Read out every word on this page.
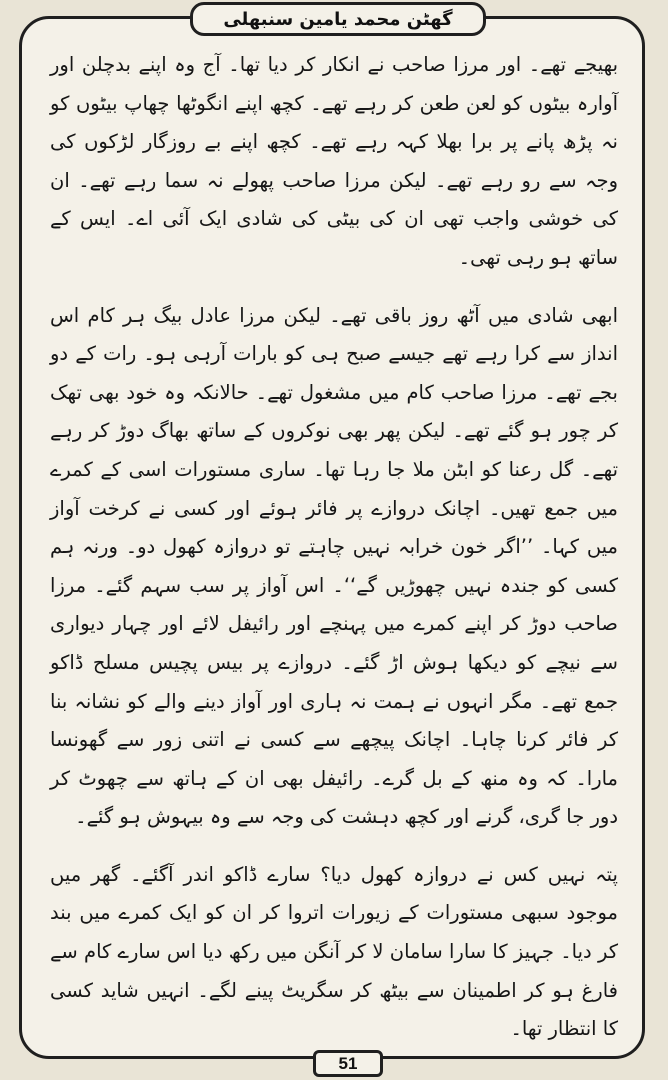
گھٹن محمد یامین سنبھلی

بھیجے تھے۔ اور مرزا صاحب نے انکار کر دیا تھا۔ آج وہ اپنے بدچلن اور آوارہ بیٹوں کو لعن طعن کر رہے تھے۔ کچھ اپنے انگوٹھا چھاپ بیٹوں کو نہ پڑھ پانے پر برا بھلا کہہ رہے تھے۔ کچھ اپنے بے روزگار لڑکوں کی وجہ سے رو رہے تھے۔ لیکن مرزا صاحب پھولے نہ سما رہے تھے۔ ان کی خوشی واجب تھی ان کی بیٹی کی شادی ایک آئی اے۔ ایس کے ساتھ ہو رہی تھی۔

ابھی شادی میں آٹھ روز باقی تھے۔ لیکن مرزا عادل بیگ ہر کام اس انداز سے کرا رہے تھے جیسے صبح ہی کو بارات آرہی ہو۔ رات کے دو بجے تھے۔ مرزا صاحب کام میں مشغول تھے۔ حالانکہ وہ خود بھی تھک کر چور ہو گئے تھے۔ لیکن پھر بھی نوکروں کے ساتھ بھاگ دوڑ کر رہے تھے۔ گل رعنا کو ابٹن ملا جا رہا تھا۔ ساری مستورات اسی کے کمرے میں جمع تھیں۔ اچانک دروازے پر فائر ہوئے اور کسی نے کرخت آواز میں کہا۔ ’’اگر خون خرابہ نہیں چاہتے تو دروازہ کھول دو۔ ورنہ ہم کسی کو جندہ نہیں چھوڑیں گے‘‘۔ اس آواز پر سب سہم گئے۔ مرزا صاحب دوڑ کر اپنے کمرے میں پہنچے اور رائیفل لائے اور چہار دیواری سے نیچے کو دیکھا ہوش اڑ گئے۔ دروازے پر بیس پچیس مسلح ڈاکو جمع تھے۔ مگر انہوں نے ہمت نہ ہاری اور آواز دینے والے کو نشانہ بنا کر فائر کرنا چاہا۔ اچانک پیچھے سے کسی نے اتنی زور سے گھونسا مارا۔ کہ وہ منھ کے بل گرے۔ رائیفل بھی ان کے ہاتھ سے چھوٹ کر دور جا گری، گرنے اور کچھ دہشت کی وجہ سے وہ بیہوش ہو گئے۔

پتہ نہیں کس نے دروازہ کھول دیا؟ سارے ڈاکو اندر آگئے۔ گھر میں موجود سبھی مستورات کے زیورات اتروا کر ان کو ایک کمرے میں بند کر دیا۔ جہیز کا سارا سامان لا کر آنگن میں رکھ دیا اس سارے کام سے فارغ ہو کر اطمینان سے بیٹھ کر سگریٹ پینے لگے۔ انہیں شاید کسی کا انتظار تھا۔

51
